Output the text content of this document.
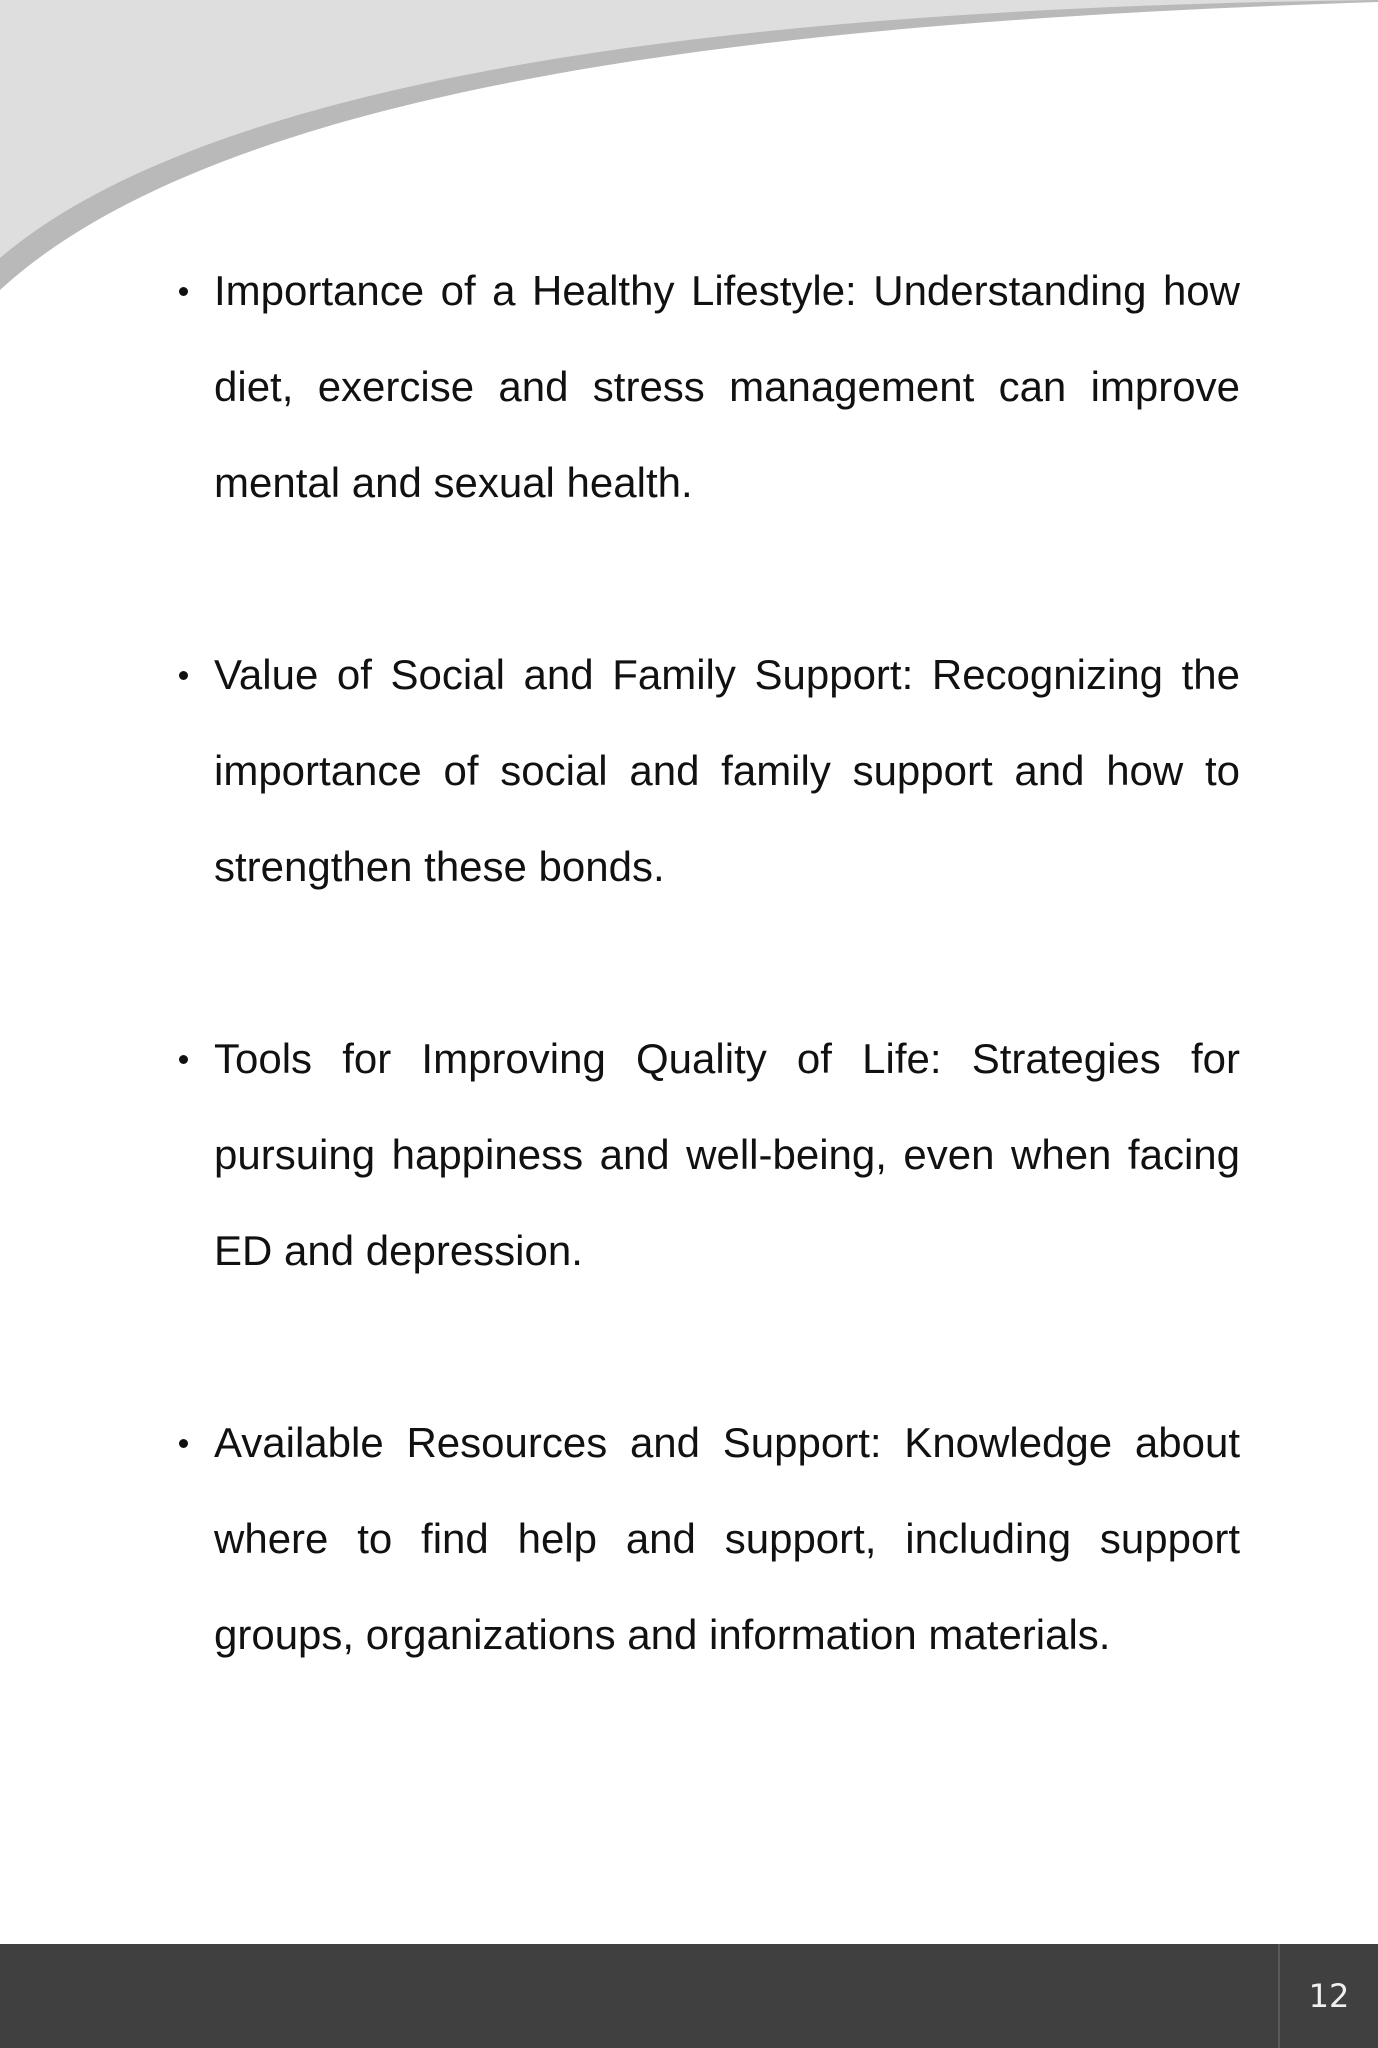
Importance of a Healthy Lifestyle: Understanding how diet, exercise and stress management can improve mental and sexual health.
Value of Social and Family Support: Recognizing the importance of social and family support and how to strengthen these bonds.
Tools for Improving Quality of Life: Strategies for pursuing happiness and well-being, even when facing ED and depression.
Available Resources and Support: Knowledge about where to find help and support, including support groups, organizations and information materials.
12
